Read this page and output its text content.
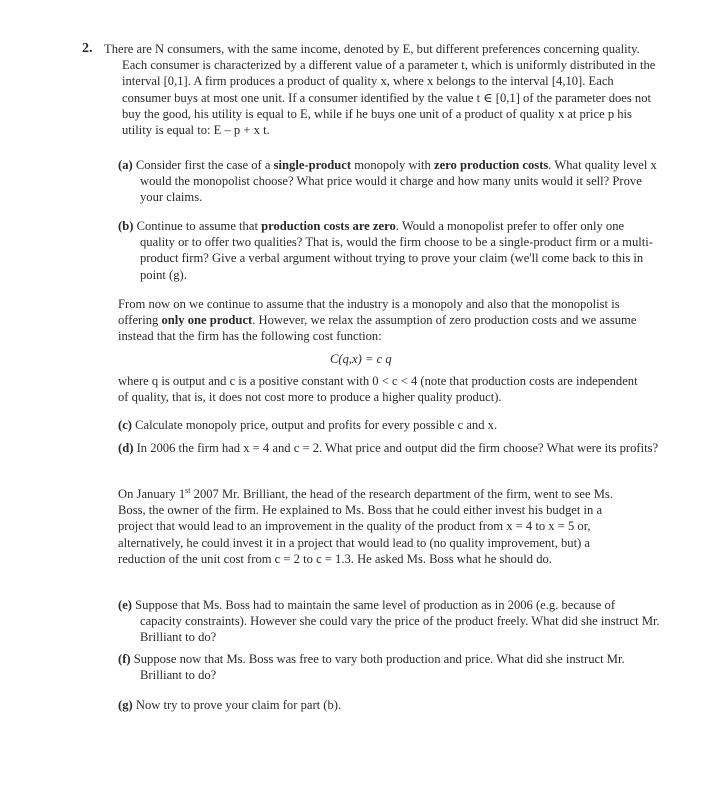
2. There are N consumers, with the same income, denoted by E, but different preferences concerning quality. Each consumer is characterized by a different value of a parameter t, which is uniformly distributed in the interval [0,1]. A firm produces a product of quality x, where x belongs to the interval [4,10]. Each consumer buys at most one unit. If a consumer identified by the value t ∈ [0,1] of the parameter does not buy the good, his utility is equal to E, while if he buys one unit of a product of quality x at price p his utility is equal to: E – p + x t.

(a) Consider first the case of a single-product monopoly with zero production costs. What quality level x would the monopolist choose? What price would it charge and how many units would it sell? Prove your claims.

(b) Continue to assume that production costs are zero. Would a monopolist prefer to offer only one quality or to offer two qualities? That is, would the firm choose to be a single-product firm or a multi-product firm? Give a verbal argument without trying to prove your claim (we'll come back to this in point (g).

From now on we continue to assume that the industry is a monopoly and also that the monopolist is offering only one product. However, we relax the assumption of zero production costs and we assume instead that the firm has the following cost function:

C(q,x) = c q

where q is output and c is a positive constant with 0 < c < 4 (note that production costs are independent of quality, that is, it does not cost more to produce a higher quality product).

(c) Calculate monopoly price, output and profits for every possible c and x.

(d) In 2006 the firm had x = 4 and c = 2. What price and output did the firm choose? What were its profits?

On January 1st 2007 Mr. Brilliant, the head of the research department of the firm, went to see Ms. Boss, the owner of the firm. He explained to Ms. Boss that he could either invest his budget in a project that would lead to an improvement in the quality of the product from x = 4 to x = 5 or, alternatively, he could invest it in a project that would lead to (no quality improvement, but) a reduction of the unit cost from c = 2 to c = 1.3. He asked Ms. Boss what he should do.

(e) Suppose that Ms. Boss had to maintain the same level of production as in 2006 (e.g. because of capacity constraints). However she could vary the price of the product freely. What did she instruct Mr. Brilliant to do?

(f) Suppose now that Ms. Boss was free to vary both production and price. What did she instruct Mr. Brilliant to do?

(g) Now try to prove your claim for part (b).
